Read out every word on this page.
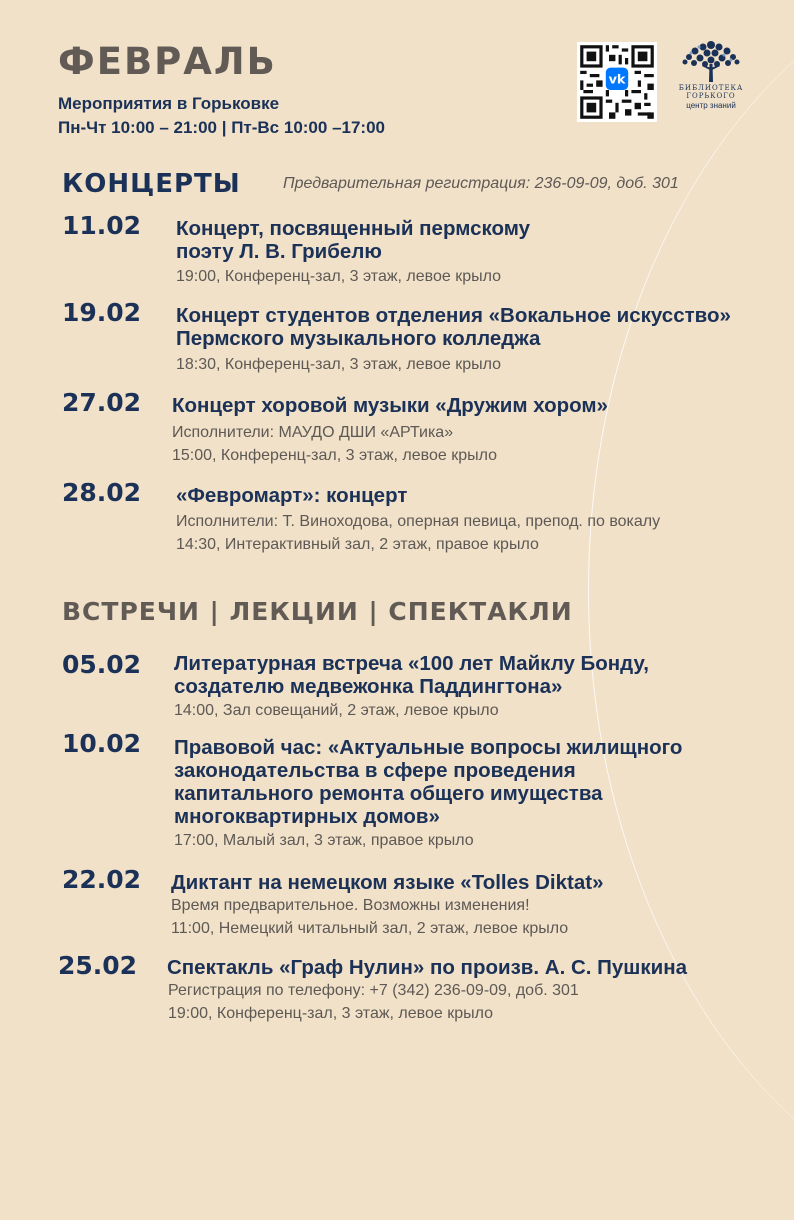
ФЕВРАЛЬ
Мероприятия в Горьковке
Пн-Чт 10:00 – 21:00 | Пт-Вс 10:00 –17:00
vk
БИБЛИОТЕКА
ГОРЬКОГО
центр знаний
КОНЦЕРТЫ	Предварительная регистрация: 236-09-09, доб. 301
11.02 Концерт, посвященный пермскому
поэту Л. В. Грибелю
19:00, Конференц-зал, 3 этаж, левое крыло
19.02 Концерт студентов отделения «Вокальное искусство»
Пермского музыкального колледжа
18:30, Конференц-зал, 3 этаж, левое крыло
27.02 Концерт хоровой музыки «Дружим хором»
Исполнители: МАУДО ДШИ «АРТика»
15:00, Конференц-зал, 3 этаж, левое крыло
28.02 «Февромарт»: концерт
Исполнители: Т. Виноходова, оперная певица, препод. по вокалу
14:30, Интерактивный зал, 2 этаж, правое крыло
ВСТРЕЧИ | ЛЕКЦИИ | СПЕКТАКЛИ
05.02 Литературная встреча «100 лет Майклу Бонду,
создателю медвежонка Паддингтона»
14:00, Зал совещаний, 2 этаж, левое крыло
10.02 Правовой час: «Актуальные вопросы жилищного
законодательства в сфере проведения
капитального ремонта общего имущества
многоквартирных домов»
17:00, Малый зал, 3 этаж, правое крыло
22.02 Диктант на немецком языке «Tolles Diktat»
Время предварительное. Возможны изменения!
11:00, Немецкий читальный зал, 2 этаж, левое крыло
25.02 Спектакль «Граф Нулин» по произв. А. С. Пушкина
Регистрация по телефону: +7 (342) 236-09-09, доб. 301
19:00, Конференц-зал, 3 этаж, левое крыло
